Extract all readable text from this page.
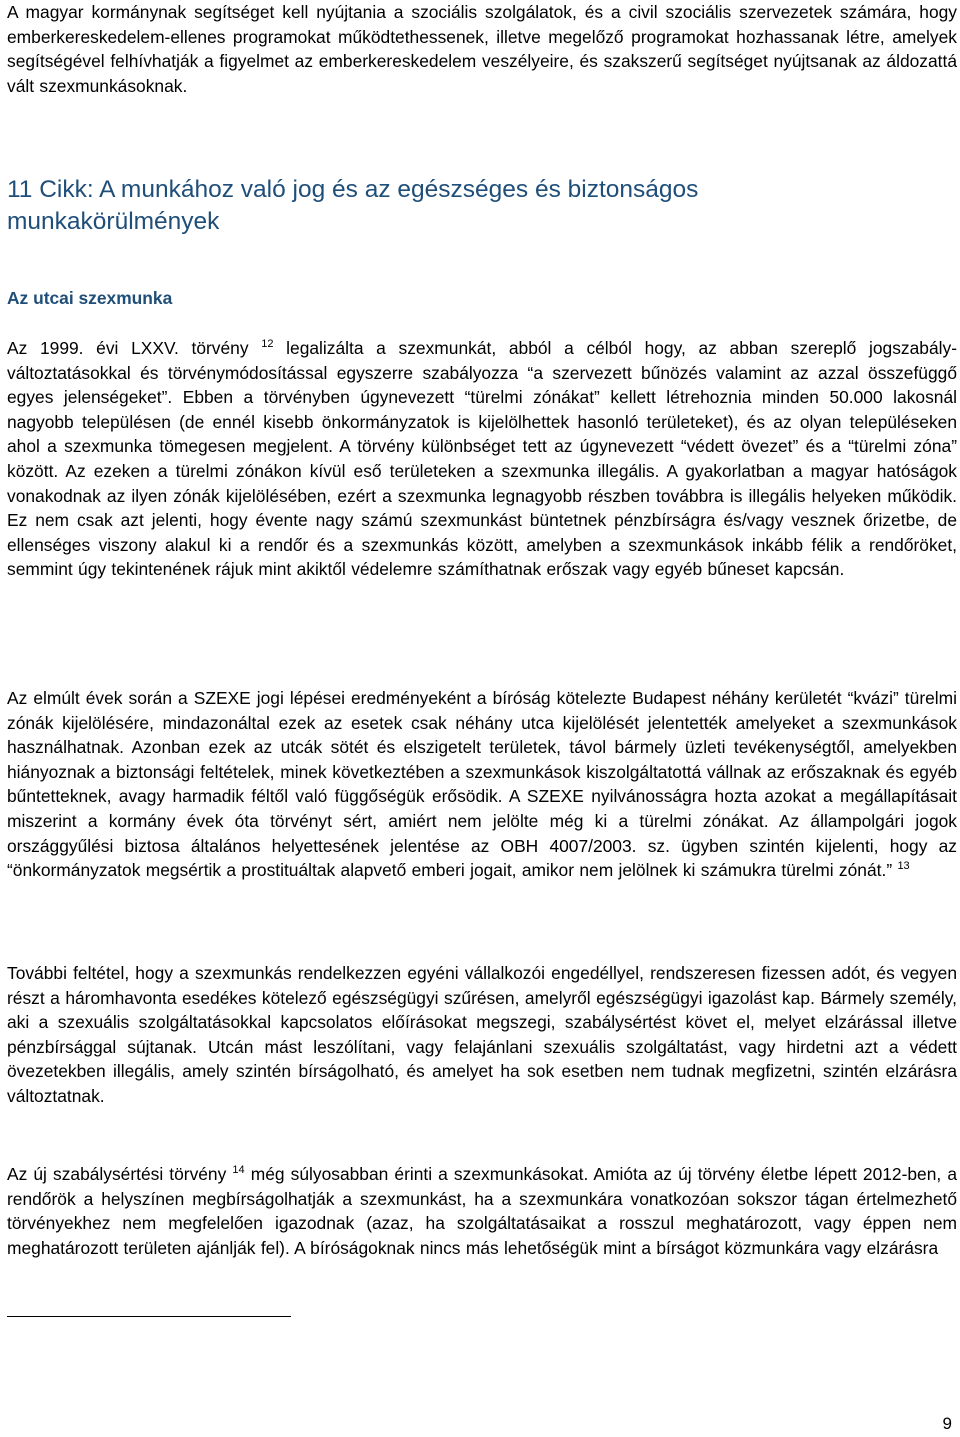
A magyar kormánynak segítséget kell nyújtania a szociális szolgálatok, és a civil szociális szervezetek számára, hogy emberkereskedelem-ellenes programokat működtethessenek, illetve megelőző programokat hozhassanak létre, amelyek segítségével felhívhatják a figyelmet az emberkereskedelem veszélyeire, és szakszerű segítséget nyújtsanak az áldozattá vált szexmunkásoknak.

11 Cikk: A munkához való jog és az egészséges és biztonságos munkakörülmények
Az utcai szexmunka

Az 1999. évi LXXV. törvény $^{12}$ legalizálta a szexmunkát, abból a célból hogy, az abban szereplő jogszabály-változtatásokkal és törvénymódosítással egyszerre szabályozza “a szervezett bűnözés valamint az azzal összefüggő egyes jelenségeket”. Ebben a törvényben úgynevezett “türelmi zónákat” kellett létrehoznia minden 50.000 lakosnál nagyobb településen (de ennél kisebb önkormányzatok is kijelölhettek hasonló területeket), és az olyan településeken ahol a szexmunka tömegesen megjelent. A törvény különbséget tett az úgynevezett “védett övezet” és a “türelmi zóna” között. Az ezeken a türelmi zónákon kívül eső területeken a szexmunka illegális. A gyakorlatban a magyar hatóságok vonakodnak az ilyen zónák kijelölésében, ezért a szexmunka legnagyobb részben továbbra is illegális helyeken működik. Ez nem csak azt jelenti, hogy évente nagy számú szexmunkást büntetnek pénzbírságra és/vagy vesznek őrizetbe, de ellenséges viszony alakul ki a rendőr és a szexmunkás között, amelyben a szexmunkások inkább félik a rendőröket, semmint úgy tekintenének rájuk mint akiktől védelemre számíthatnak erőszak vagy egyéb bűneset kapcsán.

Az elmúlt évek során a SZEXE jogi lépései eredményeként a bíróság kötelezte Budapest néhány kerületét “kvázi” türelmi zónák kijelölésére, mindazonáltal ezek az esetek csak néhány utca kijelölését jelentették amelyeket a szexmunkások használhatnak. Azonban ezek az utcák sötét és elszigetelt területek, távol bármely üzleti tevékenységtől, amelyekben hiányoznak a biztonsági feltételek, minek következtében a szexmunkások kiszolgáltatottá vállnak az erőszaknak és egyéb bűntetteknek, avagy harmadik féltől való függőségük erősödik. A SZEXE nyilvánosságra hozta azokat a megállapításait miszerint a kormány évek óta törvényt sért, amiért nem jelölte még ki a türelmi zónákat. Az állampolgári jogok országgyűlési biztosa általános helyettesének jelentése az OBH 4007/2003. sz. ügyben szintén kijelenti, hogy az “önkormányzatok megsértik a prostituáltak alapvető emberi jogait, amikor nem jelölnek ki számukra türelmi zónát.” $^{13}$

További feltétel, hogy a szexmunkás rendelkezzen egyéni vállalkozói engedéllyel, rendszeresen fizessen adót, és vegyen részt a háromhavonta esedékes kötelező egészségügyi szűrésen, amelyről egészségügyi igazolást kap. Bármely személy, aki a szexuális szolgáltatásokkal kapcsolatos előírásokat megszegi, szabálysértést követ el, melyet elzárással illetve pénzbírsággal sújtanak. Utcán mást leszólítani, vagy felajánlani szexuális szolgáltatást, vagy hirdetni azt a védett övezetekben illegális, amely szintén bírságolható, és amelyet ha sok esetben nem tudnak megfizetni, szintén elzárásra változtatnak.

Az új szabálysértési törvény $^{14}$ még súlyosabban érinti a szexmunkásokat. Amióta az új törvény életbe lépett 2012-ben, a rendőrök a helyszínen megbírságolhatják a szexmunkást, ha a szexmunkára vonatkozóan sokszor tágan értelmezhető törvényekhez nem megfelelően igazodnak (azaz, ha szolgáltatásaikat a rosszul meghatározott, vagy éppen nem meghatározott területen ajánlják fel). A bíróságoknak nincs más lehetőségük mint a bírságot közmunkára vagy elzárásra

9
